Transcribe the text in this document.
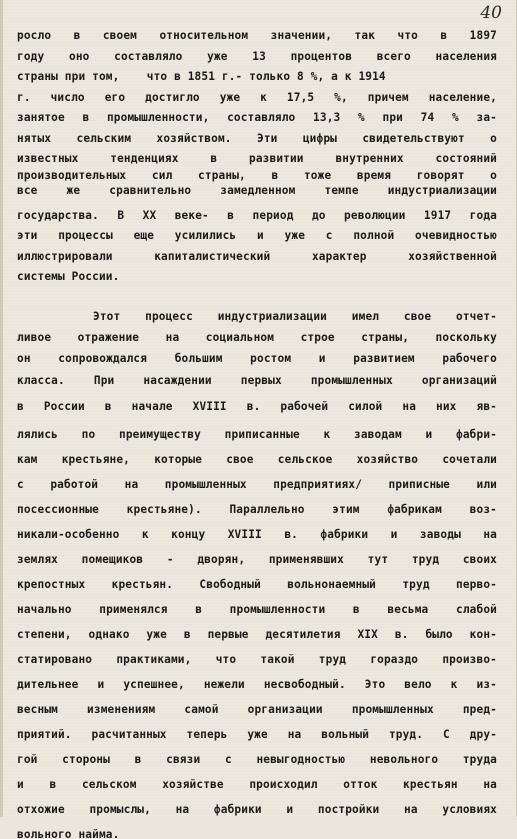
40
росло в своем относительном значении, так что в 1897
году оно составляло уже 13 процентов всего населения
страны при том,    что в 1851 г.- только 8 %, а к 1914
г. число его достигло уже к 17,5 %, причем население,
занятое в промышленности, составляло 13,3 % при 74 % за-
нятых сельским хозяйством. Эти цифры свидетельствуют о
известных тенденциях в развитии внутренних состояний
производительных сил страны, в тоже время говорят о
все же сравнительно замедленном темпе индустриализации
государства. В XX веке- в период до революции 1917 года
эти процессы еще усилились и уже с полной очевидностью
иллюстрировали капиталистический характер хозяйственной
системы России.
Этот процесс индустриализации имел свое отчет-
ливое отражение на социальном строе страны, поскольку
он сопровождался большим ростом и развитием рабочего
класса. При насаждении первых промышленных организаций
в России в начале XVIII в. рабочей силой на них яв-
лялись по преимуществу приписанные к заводам и фабри-
кам крестьяне, которые свое сельское хозяйство сочетали
с работой на промышленных предприятиях/ приписные или
посессионные крестьяне). Параллельно этим фабрикам воз-
никали-особенно к концу XVIII в. фабрики и заводы на
землях помещиков - дворян, применявших тут труд своих
крепостных крестьян. Свободный вольнонаемный труд перво-
начально применялся в промышленности в весьма слабой
степени, однако уже в первые десятилетия XIX в. было кон-
статировано практиками, что такой труд гораздо произво-
дительнее и успешнее, нежели несвободный. Это вело к из-
весным изменениям самой организации промышленных пред-
приятий. расчитанных теперь уже на вольный труд. С дру-
гой стороны в связи с невыгодностью невольного труда
и в сельском хозяйстве происходил отток крестьян на
отхожие промыслы, на фабрики и постройки на условиях
вольного найма.
